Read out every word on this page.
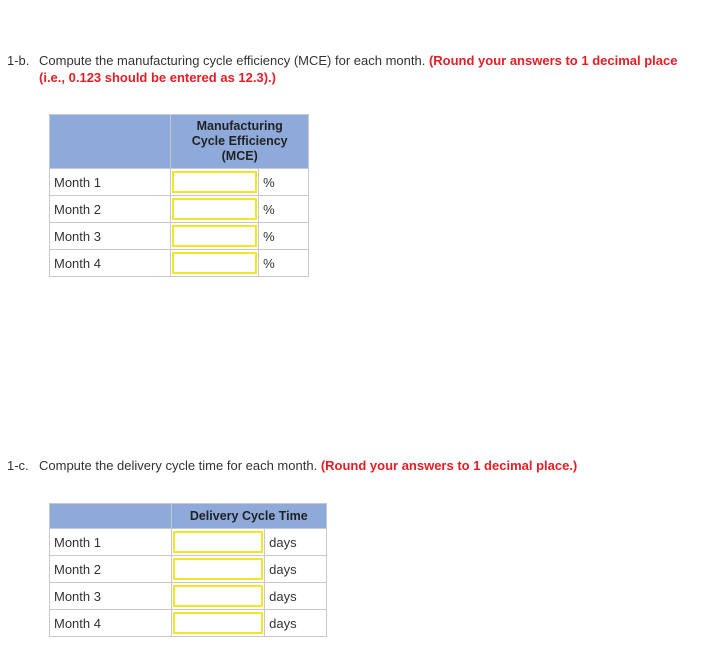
1-b. Compute the manufacturing cycle efficiency (MCE) for each month. (Round your answers to 1 decimal place (i.e., 0.123 should be entered as 12.3).)
	Manufacturing
Cycle Efficiency
(MCE)	
Month 1		%
Month 2		%
Month 3		%
Month 4		%
1-c. Compute the delivery cycle time for each month. (Round your answers to 1 decimal place.)
	Delivery Cycle Time	
Month 1		days
Month 2		days
Month 3		days
Month 4		days
